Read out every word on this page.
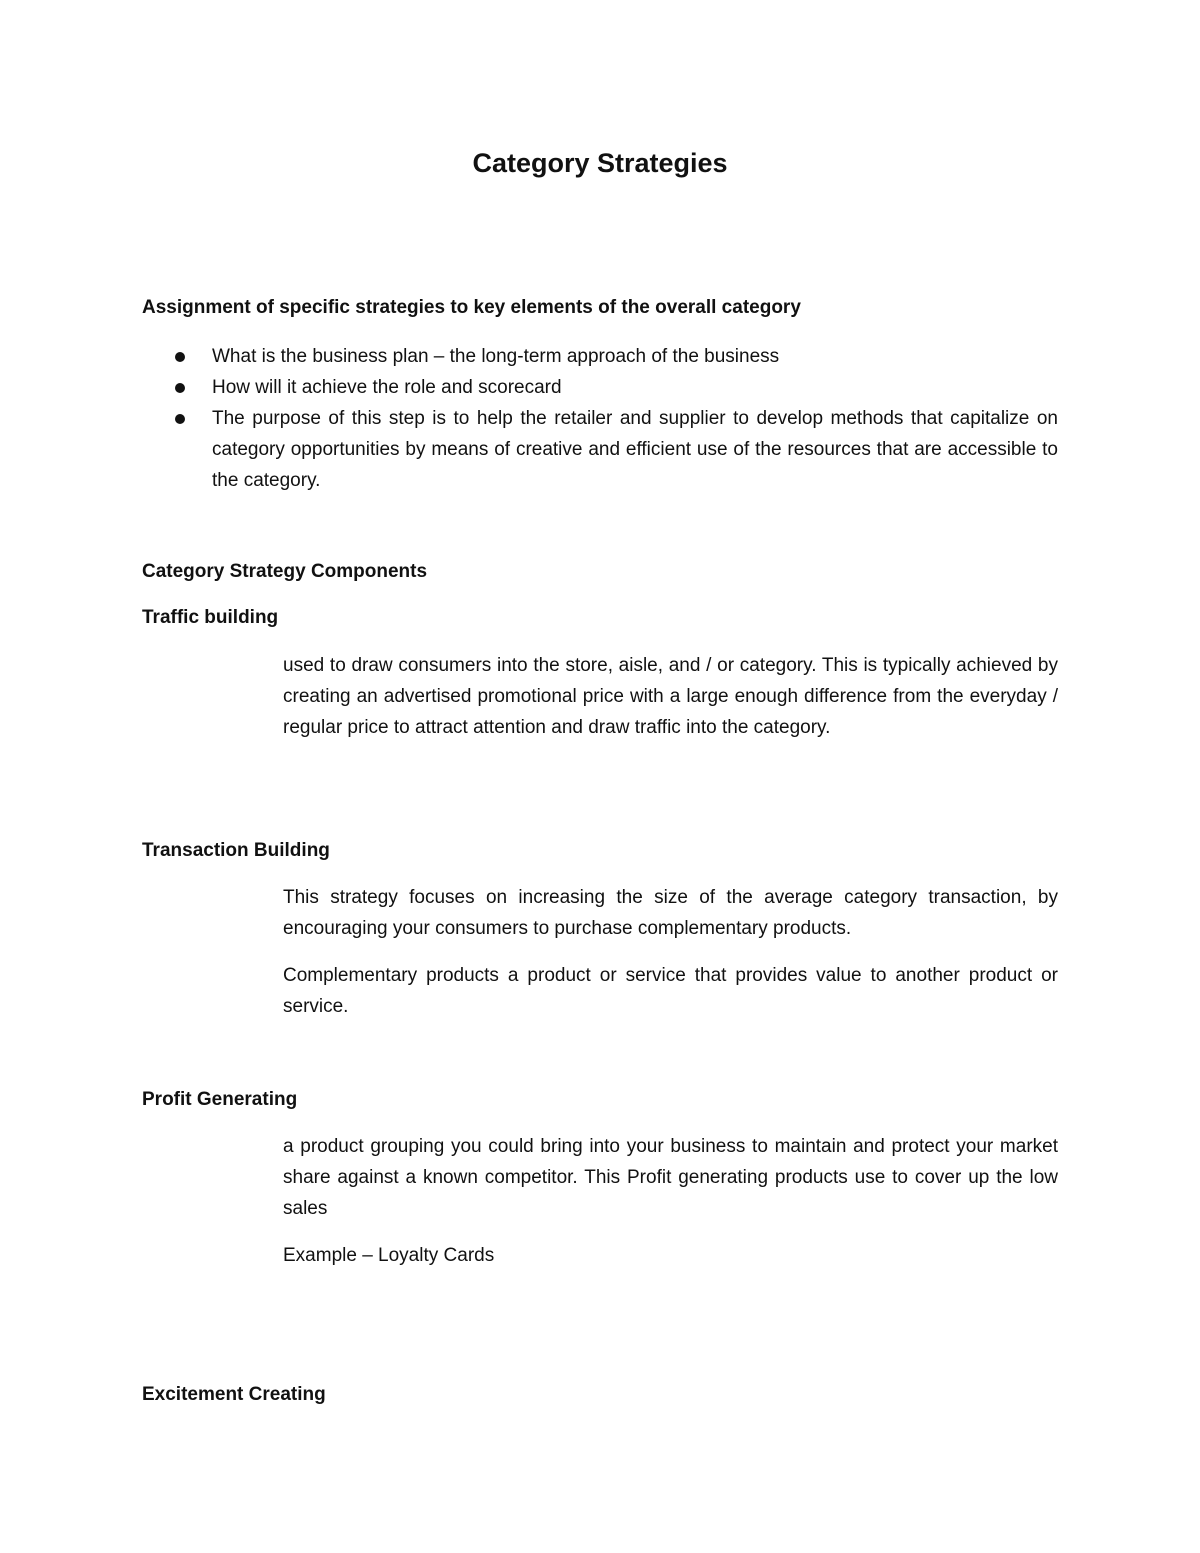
Category Strategies
Assignment of specific strategies to key elements of the overall category
What is the business plan – the long-term approach of the business
How will it achieve the role and scorecard
The purpose of this step is to help the retailer and supplier to develop methods that capitalize on category opportunities by means of creative and efficient use of the resources that are accessible to the category.
Category Strategy Components
Traffic building

used to draw consumers into the store, aisle, and / or category. This is typically achieved by creating an advertised promotional price with a large enough difference from the everyday / regular price to attract attention and draw traffic into the category.

Transaction Building

This strategy focuses on increasing the size of the average category transaction, by encouraging your consumers to purchase complementary products.

Complementary products a product or service that provides value to another product or service.

Profit Generating

a product grouping you could bring into your business to maintain and protect your market share against a known competitor. This Profit generating products use to cover up the low sales

Example – Loyalty Cards

Excitement Creating
